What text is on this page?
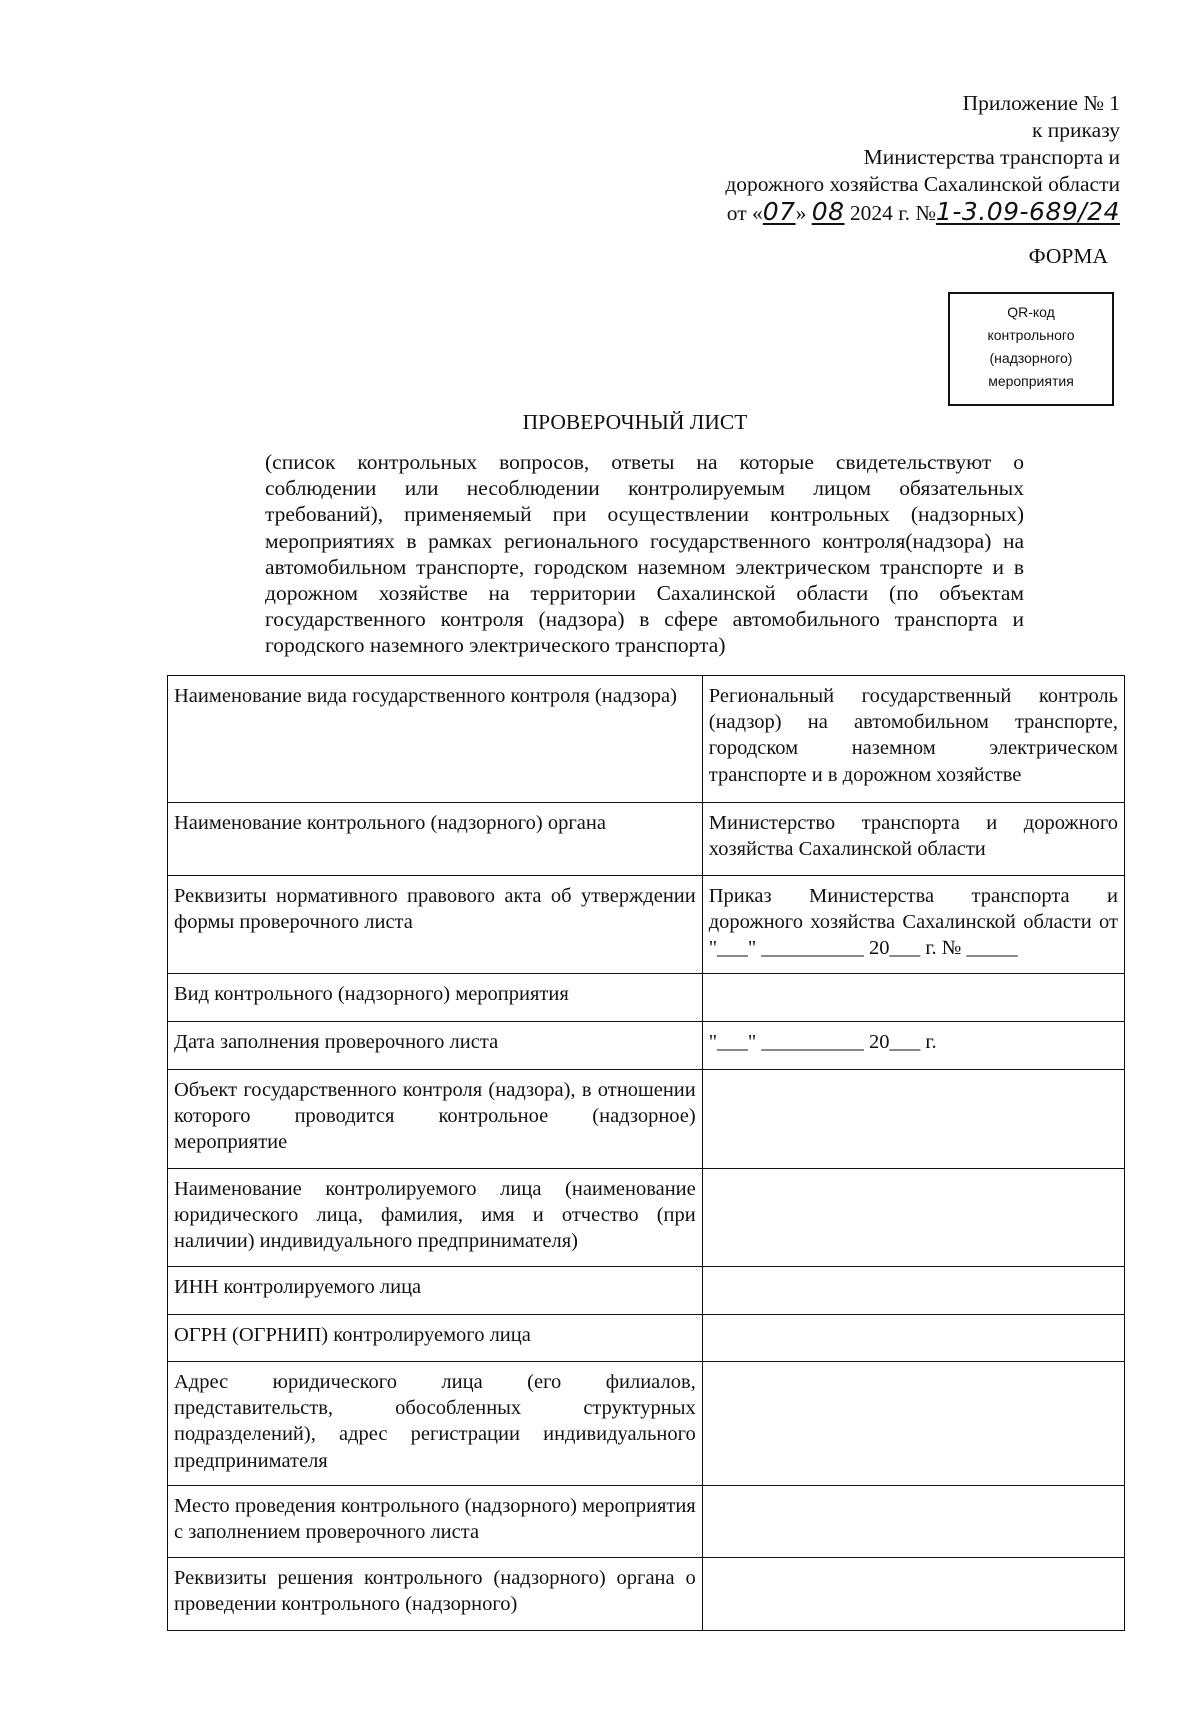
Приложение № 1
к приказу
Министерства транспорта и
дорожного хозяйства Сахалинской области
от «07» 08 2024 г. №1-3.09-689/24
ФОРМА
QR-код
контрольного
(надзорного)
мероприятия
ПРОВЕРОЧНЫЙ ЛИСТ
(список контрольных вопросов, ответы на которые свидетельствуют о соблюдении или несоблюдении контролируемым лицом обязательных требований), применяемый при осуществлении контрольных (надзорных) мероприятиях в рамках регионального государственного контроля(надзора) на автомобильном транспорте, городском наземном электрическом транспорте и в дорожном хозяйстве на территории Сахалинской области (по объектам государственного контроля (надзора) в сфере автомобильного транспорта и городского наземного электрического транспорта)
Наименование вида государственного контроля (надзора)	Региональный государственный контроль (надзор) на автомобильном транспорте, городском наземном электрическом транспорте и в дорожном хозяйстве
Наименование контрольного (надзорного) органа	Министерство транспорта и дорожного хозяйства Сахалинской области
Реквизиты нормативного правового акта об утверждении формы проверочного листа	Приказ Министерства транспорта и дорожного хозяйства Сахалинской области от "___" __________ 20___ г. № _____
Вид контрольного (надзорного) мероприятия	
Дата заполнения проверочного листа	"___" __________ 20___ г.
Объект государственного контроля (надзора), в отношении которого проводится контрольное (надзорное) мероприятие	
Наименование контролируемого лица (наименование юридического лица, фамилия, имя и отчество (при наличии) индивидуального предпринимателя)	
ИНН контролируемого лица	
ОГРН (ОГРНИП) контролируемого лица	
Адрес юридического лица (его филиалов, представительств, обособленных структурных подразделений), адрес регистрации индивидуального предпринимателя	
Место проведения контрольного (надзорного) мероприятия с заполнением проверочного листа	
Реквизиты решения контрольного (надзорного) органа о проведении контрольного (надзорного)	
